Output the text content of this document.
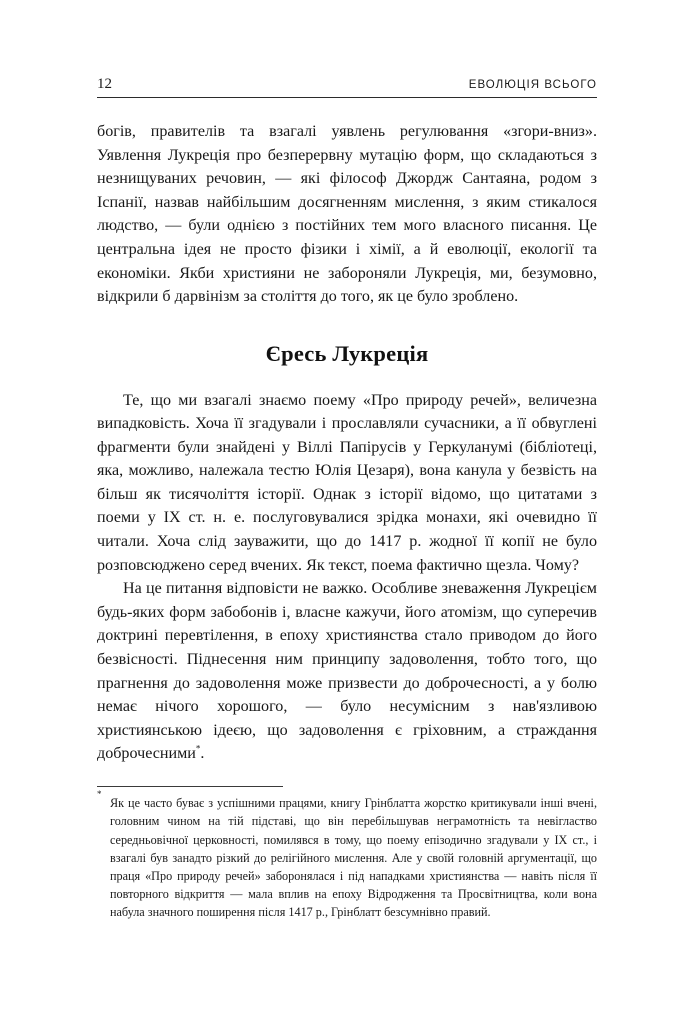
12	ЕВОЛЮЦІЯ ВСЬОГО

богів, правителів та взагалі уявлень регулювання «згори-вниз». Уявлення Лукреція про безперервну мутацію форм, що складаються з незнищуваних речовин, — які філософ Джордж Сантаяна, родом з Іспанії, назвав найбільшим досягненням мислення, з яким стикалося людство, — були однією з постійних тем мого власного писання. Це центральна ідея не просто фізики і хімії, а й еволюції, екології та економіки. Якби християни не забороняли Лукреція, ми, безумовно, відкрили б дарвінізм за століття до того, як це було зроблено.

Єресь Лукреція

Те, що ми взагалі знаємо поему «Про природу речей», величезна випадковість. Хоча її згадували і прославляли сучасники, а її обвуглені фрагменти були знайдені у Віллі Папірусів у Геркуланумі (бібліотеці, яка, можливо, належала тестю Юлія Цезаря), вона канула у безвість на більш як тисячоліття історії. Однак з історії відомо, що цитатами з поеми у IX ст. н. е. послуговувалися зрідка монахи, які очевидно її читали. Хоча слід зауважити, що до 1417 р. жодної її копії не було розповсюджено серед вчених. Як текст, поема фактично щезла. Чому?

На це питання відповісти не важко. Особливе зневаження Лукрецієм будь-яких форм забобонів і, власне кажучи, його атомізм, що суперечив доктрині перевтілення, в епоху християнства стало приводом до його безвісності. Піднесення ним принципу задоволення, тобто того, що прагнення до задоволення може призвести до доброчесності, а у болю немає нічого хорошого, — було несумісним з нав'язливою християнською ідеєю, що задоволення є гріховним, а страждання доброчесними*.

*
Як це часто буває з успішними працями, книгу Грінблатта жорстко критикували інші вчені, головним чином на тій підставі, що він перебільшував неграмотність та невігластво середньовічної церковності, помилявся в тому, що поему епізодично згадували у IX ст., і взагалі був занадто різкий до релігійного мислення. Але у своїй головній аргументації, що праця «Про природу речей» заборонялася і під нападками християнства — навіть після її повторного відкриття — мала вплив на епоху Відродження та Просвітництва, коли вона набула значного поширення після 1417 р., Грінблатт безсумнівно правий.
